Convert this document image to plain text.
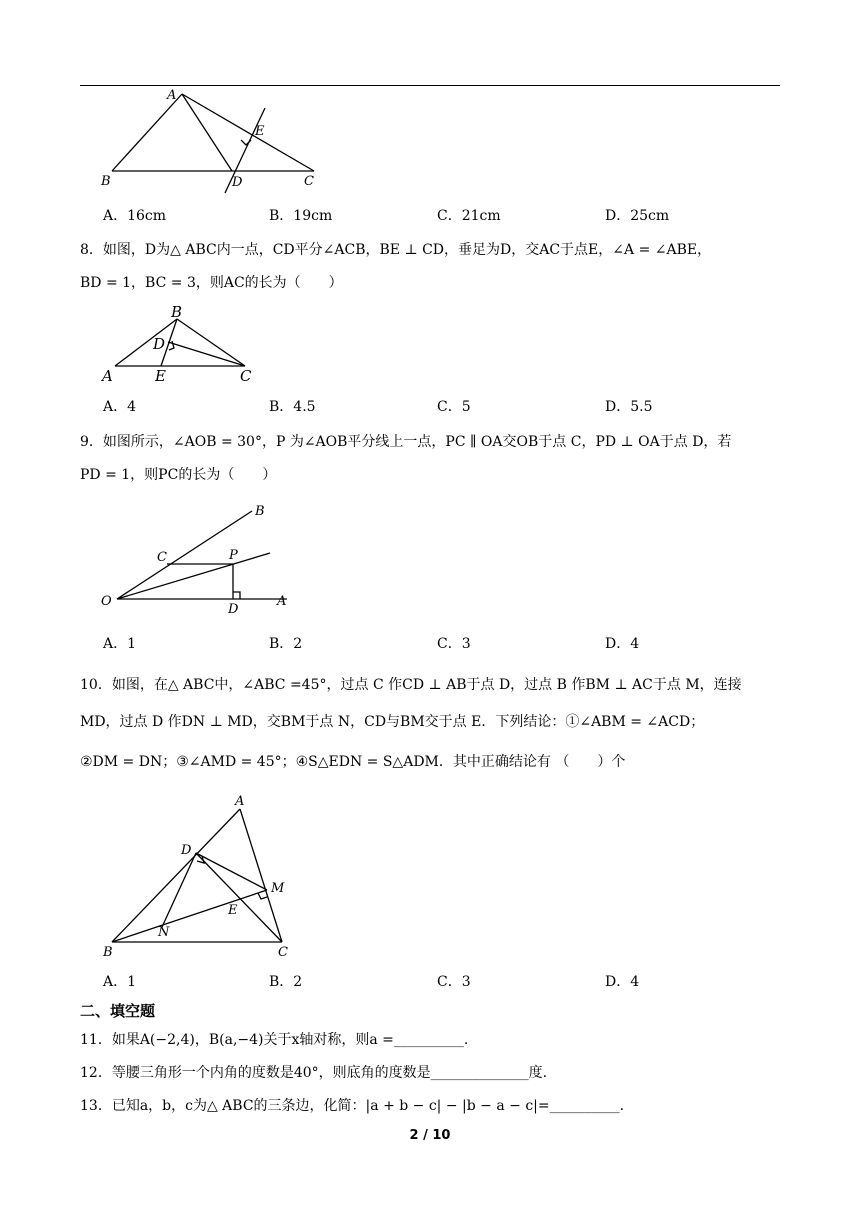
A
E
B	D	C
A．16cm	B．19cm	C．21cm	D．25cm
8．如图，D为△ ABC内一点，CD平分∠ACB，BE ⊥ CD，垂足为D，交AC于点E，∠A = ∠ABE，
BD = 1，BC = 3，则AC的长为（　　）
B
D
A	E	C
A．4	B．4.5	C．5	D．5.5
9．如图所示，∠AOB = 30°，P 为∠AOB平分线上一点，PC ∥ OA交OB于点 C，PD ⊥ OA于点 D，若
PD = 1，则PC的长为（　　）
B
C	P
O
D
A
A．1	B．2	C．3	D．4
10．如图，在△ ABC中，∠ABC =45°，过点 C 作CD ⊥ AB于点 D，过点 B 作BM ⊥ AC于点 M，连接
MD，过点 D 作DN ⊥ MD，交BM于点 N，CD与BM交于点 E．下列结论：①∠ABM = ∠ACD；
②DM = DN；③∠AMD = 45°；④S△EDN = S△ADM．其中正确结论有 （　　）个
A
D
M
E
N
B	C
A．1	B．2	C．3	D．4
二、填空题
11．如果A(−2,4)，B(a,−4)关于x轴对称，则a =__________.
12．等腰三角形一个内角的度数是40°，则底角的度数是______________度.
13．已知a，b，c为△ ABC的三条边，化简：|a + b − c| − |b − a − c|=__________.
2 / 10
